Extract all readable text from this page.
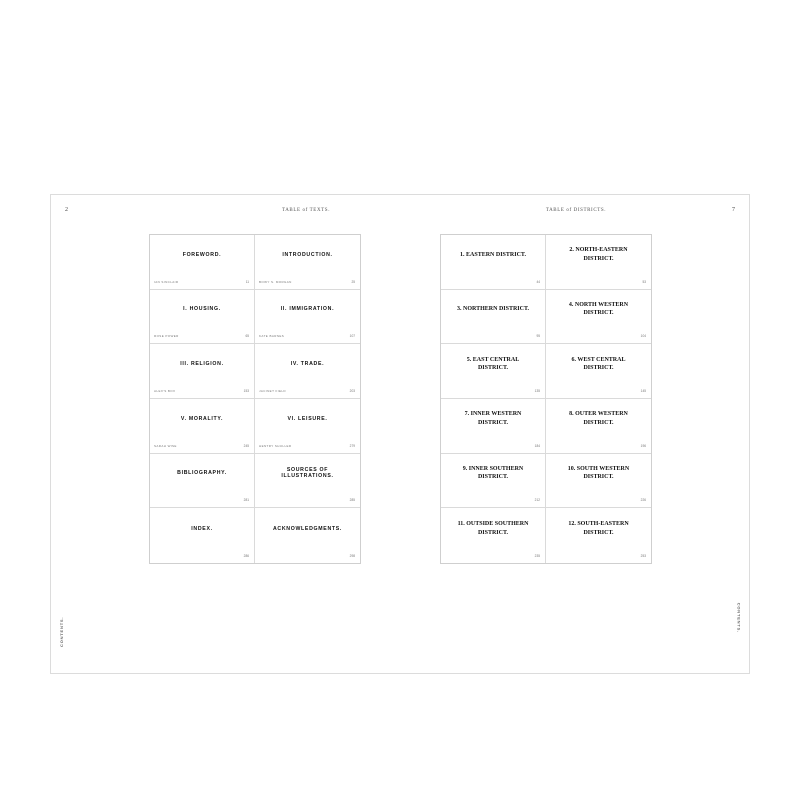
2	7
TABLE of TEXTS.	TABLE of DISTRICTS.
CONTENTS.	CONTENTS.
FOREWORD.
IAN SINCLAIR	11
INTRODUCTION.
BOWY S. MORGAN	25
I. HOUSING.
ROSE POWER	65
II. IMMIGRATION.
KATE BARNES	107
III. RELIGION.
ALEX'S BOX	153
IV. TRADE.
JACINET FIELD	203
V. MORALITY.
SARAH WISE	245
VI. LEISURE.
HENTRY SHULLER	279
BIBLIOGRAPHY.
281
SOURCES OF ILLUSTRATIONS.
285
INDEX.
286
ACKNOWLEDGMENTS.
298
1. EASTERN DISTRICT.
44
2. NORTH-EASTERN DISTRICT.
53
3. NORTHERN DISTRICT.
95
4. NORTH WESTERN DISTRICT.
104
5. EAST CENTRAL DISTRICT.
135
6. WEST CENTRAL DISTRICT.
145
7. INNER WESTERN DISTRICT.
184
8. OUTER WESTERN DISTRICT.
196
9. INNER SOUTHERN DISTRICT.
212
10. SOUTH WESTERN DISTRICT.
226
11. OUTSIDE SOUTHERN DISTRICT.
235
12. SOUTH-EASTERN DISTRICT.
253
